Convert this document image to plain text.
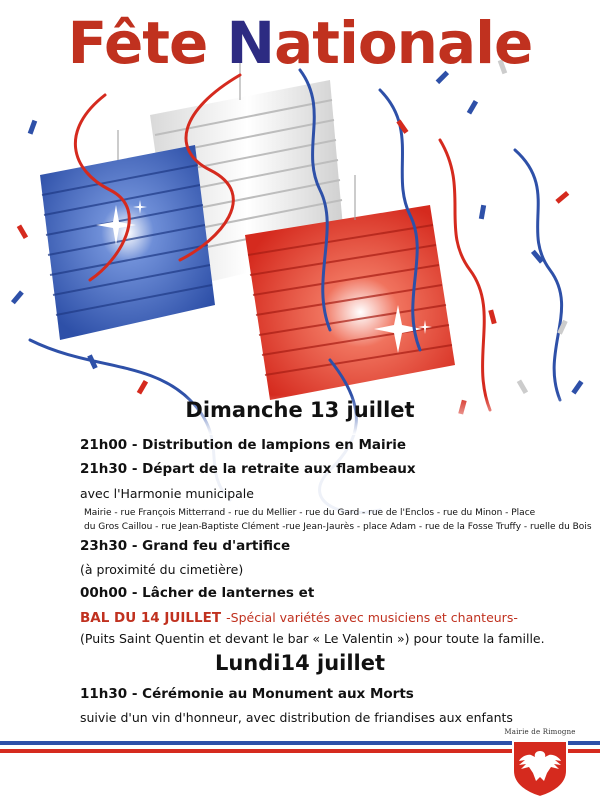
Fête Nationale
Dimanche 13 juillet
21h00 - Distribution de lampions en Mairie
21h30 - Départ de la retraite aux flambeaux
avec l'Harmonie municipale
Mairie - rue François Mitterrand - rue du Mellier - rue du Gard - rue de l'Enclos - rue du Minon - Place
du Gros Caillou - rue Jean-Baptiste Clément -rue Jean-Jaurès - place Adam - rue de la Fosse Truffy - ruelle du Bois
23h30 - Grand feu d'artifice
(à proximité du cimetière)
00h00 - Lâcher de lanternes et
BAL DU 14 JUILLET -Spécial variétés avec musiciens et chanteurs-
(Puits Saint Quentin et devant le bar « Le Valentin ») pour toute la famille.
Lundi14 juillet
11h30 - Cérémonie au Monument aux Morts
suivie d'un vin d'honneur, avec distribution de friandises aux enfants
Mairie de Rimogne
